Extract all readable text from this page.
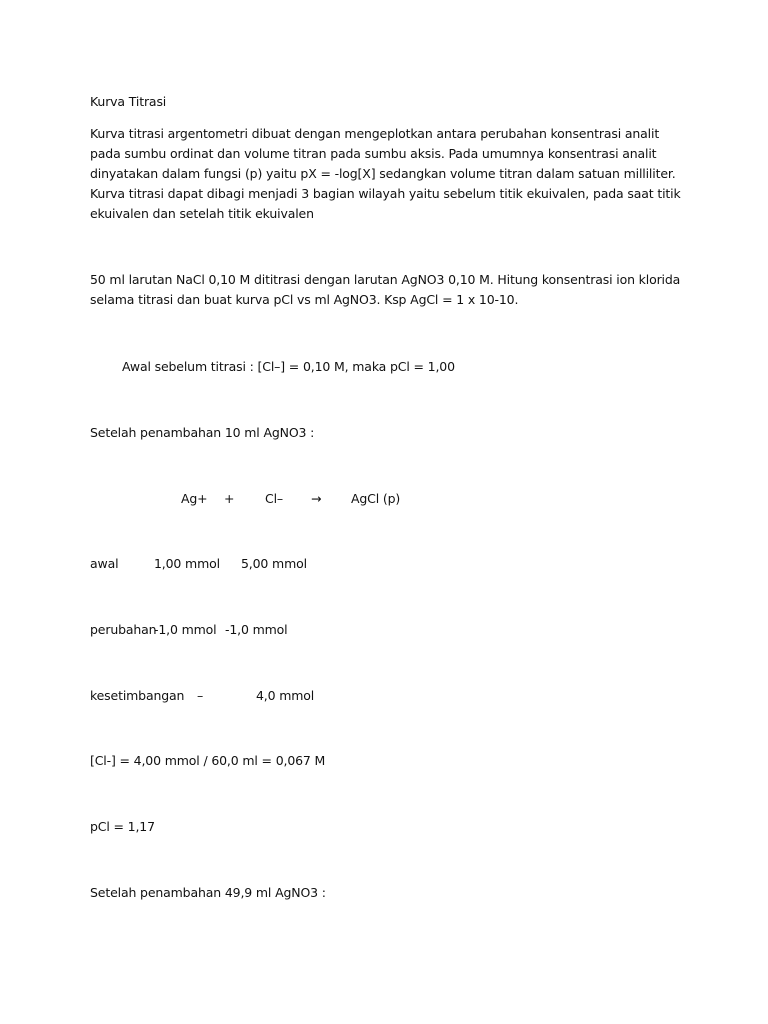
Kurva Titrasi
Kurva titrasi argentometri dibuat dengan mengeplotkan antara perubahan konsentrasi analit pada sumbu ordinat dan volume titran pada sumbu aksis. Pada umumnya konsentrasi analit dinyatakan dalam fungsi (p) yaitu pX = -log[X] sedangkan volume titran dalam satuan milliliter. Kurva titrasi dapat dibagi menjadi 3 bagian wilayah yaitu sebelum titik ekuivalen, pada saat titik ekuivalen dan setelah titik ekuivalen
50 ml larutan NaCl 0,10 M dititrasi dengan larutan AgNO3 0,10 M. Hitung konsentrasi ion klorida selama titrasi dan buat kurva pCl vs ml AgNO3. Ksp AgCl = 1 x 10-10.
Awal sebelum titrasi : [Cl–] = 0,10 M, maka pCl = 1,00
Setelah penambahan 10 ml AgNO3 :
Ag+ + Cl– → AgCl (p)
awal	1,00 mmol 5,00 mmol
perubahan
-1,0 mmol -1,0 mmol
kesetimbangan –	4,0 mmol
[Cl-] = 4,00 mmol / 60,0 ml = 0,067 M
pCl = 1,17
Setelah penambahan 49,9 ml AgNO3 :
